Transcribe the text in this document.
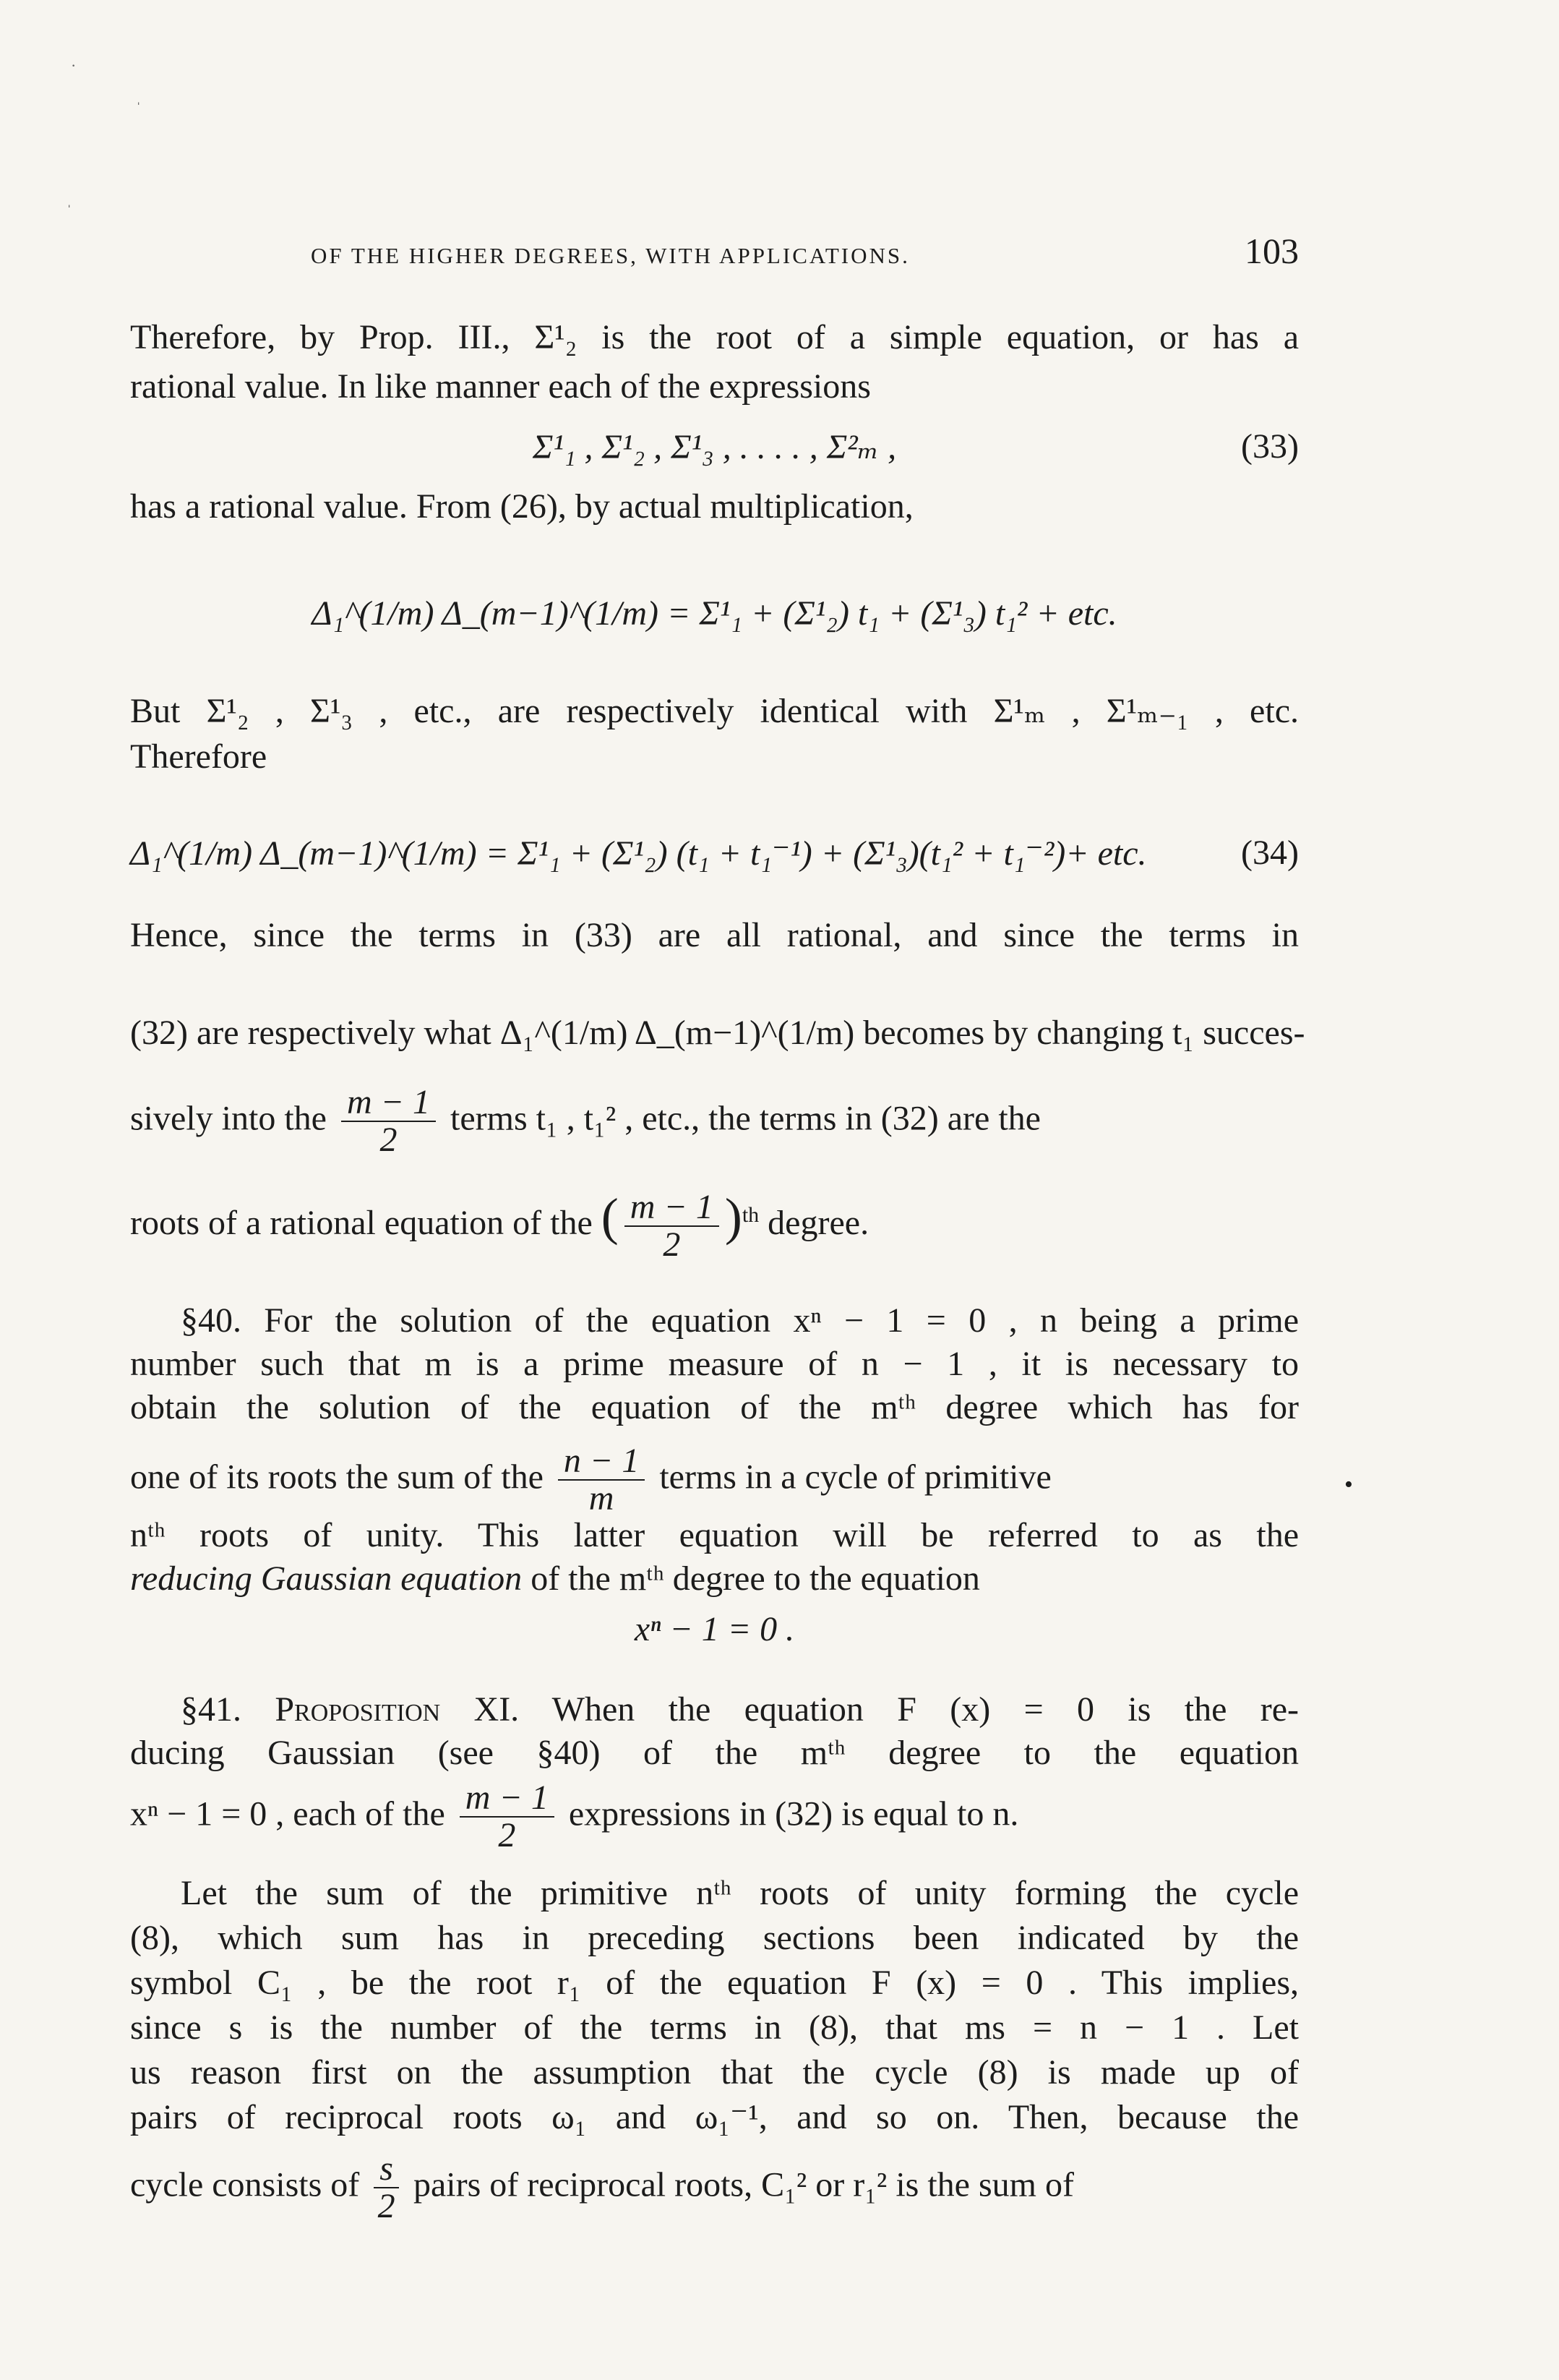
·
ˌ
ˌ
OF THE HIGHER DEGREES, WITH APPLICATIONS.	103
Therefore, by Prop. III., Σ¹₂ is the root of a simple equation, or has a
rational value. In like manner each of the expressions
Σ¹₁ , Σ¹₂ , Σ¹₃ , . . . . , Σ²ₘ ,	(33)
has a rational value. From (26), by actual multiplication,
Δ₁^(1/m) Δ_(m−1)^(1/m) = Σ¹₁ + (Σ¹₂) t₁ + (Σ¹₃) t₁² + etc.
But Σ¹₂ , Σ¹₃ , etc., are respectively identical with Σ¹ₘ , Σ¹ₘ₋₁ , etc.
Therefore
Δ₁^(1/m) Δ_(m−1)^(1/m) = Σ¹₁ + (Σ¹₂) (t₁ + t₁⁻¹) + (Σ¹₃)(t₁² + t₁⁻²)+ etc.	(34)
Hence, since the terms in (33) are all rational, and since the terms in
(32) are respectively what Δ₁^(1/m) Δ_(m−1)^(1/m) becomes by changing t₁ succes-
sively into the $\frac{m - 1}{2}$ terms t₁ , t₁² , etc., the terms in (32) are the
roots of a rational equation of the ( $\frac{m - 1}{2} )^{th}$ degree.
§40. For the solution of the equation xⁿ − 1 = 0 , n being a prime
number such that m is a prime measure of n − 1 , it is necessary to
obtain the solution of the equation of the mᵗʰ degree which has for
one of its roots the sum of the $\frac{n - 1}{m}$ terms in a cycle of primitive	•
nᵗʰ roots of unity. This latter equation will be referred to as the
reducing Gaussian equation of the mᵗʰ degree to the equation
xⁿ − 1 = 0 .
§41. Proposition XI. When the equation F (x) = 0 is the re-
ducing Gaussian (see §40) of the mᵗʰ degree to the equation
xⁿ − 1 = 0 , each of the $\frac{m - 1}{2}$ expressions in (32) is equal to n.
Let the sum of the primitive nᵗʰ roots of unity forming the cycle
(8), which sum has in preceding sections been indicated by the
symbol C₁ , be the root r₁ of the equation F (x) = 0 . This implies,
since s is the number of the terms in (8), that ms = n − 1 . Let
us reason first on the assumption that the cycle (8) is made up of
pairs of reciprocal roots ω₁ and ω₁⁻¹, and so on. Then, because the
cycle consists of $\frac{s}{2}$ pairs of reciprocal roots, C₁² or r₁² is the sum of
